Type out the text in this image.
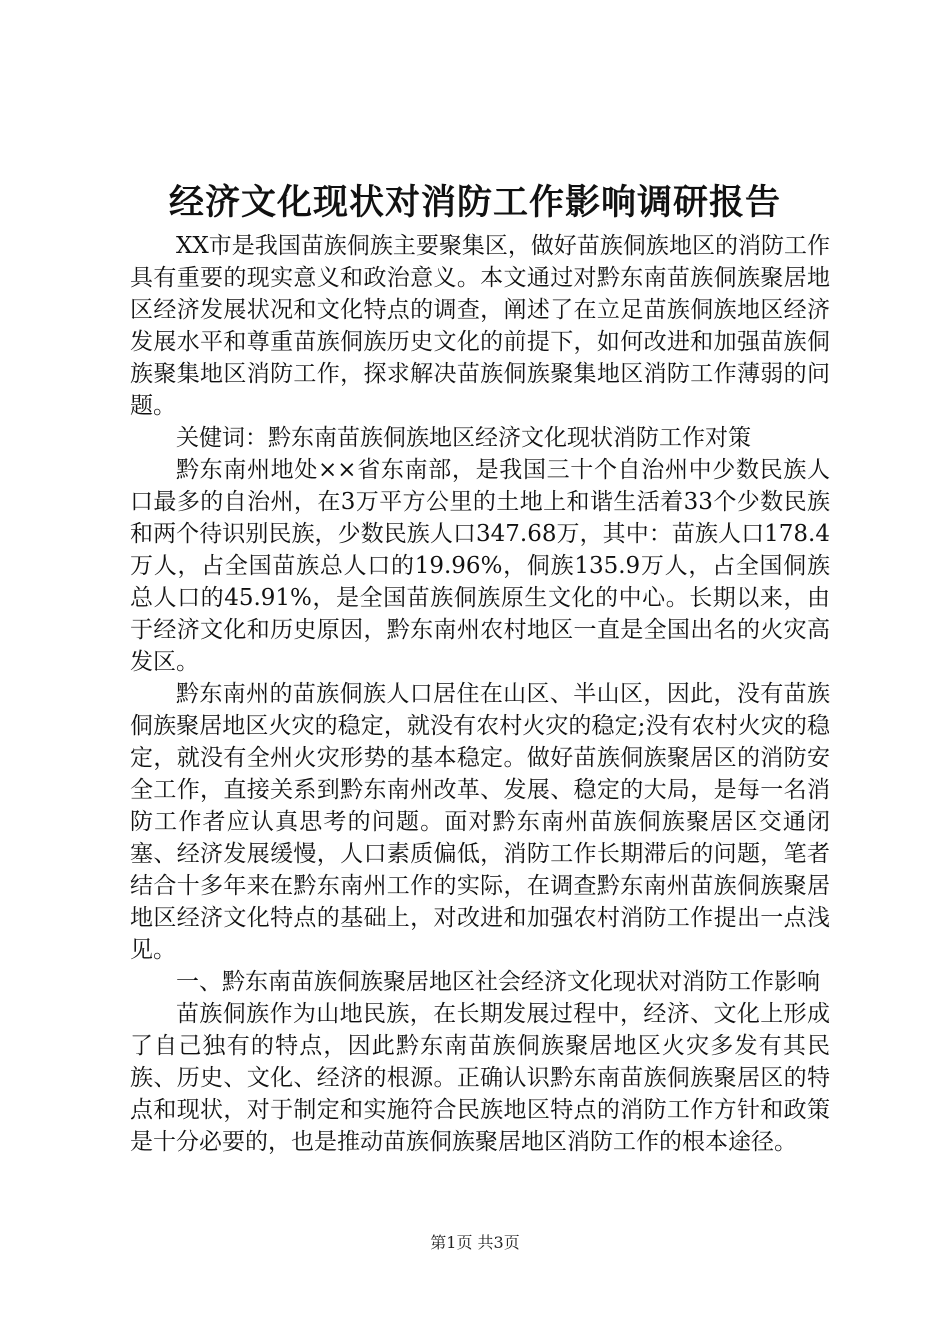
经济文化现状对消防工作影响调研报告

XX市是我国苗族侗族主要聚集区，做好苗族侗族地区的消防工作具有重要的现实意义和政治意义。本文通过对黔东南苗族侗族聚居地区经济发展状况和文化特点的调查，阐述了在立足苗族侗族地区经济发展水平和尊重苗族侗族历史文化的前提下，如何改进和加强苗族侗族聚集地区消防工作，探求解决苗族侗族聚集地区消防工作薄弱的问题。

关健词：黔东南苗族侗族地区经济文化现状消防工作对策

黔东南州地处××省东南部，是我国三十个自治州中少数民族人口最多的自治州，在3万平方公里的土地上和谐生活着33个少数民族和两个待识别民族，少数民族人口347.68万，其中：苗族人口178.4万人，占全国苗族总人口的19.96%，侗族135.9万人，占全国侗族总人口的45.91%，是全国苗族侗族原生文化的中心。长期以来，由于经济文化和历史原因，黔东南州农村地区一直是全国出名的火灾高发区。

黔东南州的苗族侗族人口居住在山区、半山区，因此，没有苗族侗族聚居地区火灾的稳定，就没有农村火灾的稳定;没有农村火灾的稳定，就没有全州火灾形势的基本稳定。做好苗族侗族聚居区的消防安全工作，直接关系到黔东南州改革、发展、稳定的大局，是每一名消防工作者应认真思考的问题。面对黔东南州苗族侗族聚居区交通闭塞、经济发展缓慢，人口素质偏低，消防工作长期滞后的问题，笔者结合十多年来在黔东南州工作的实际，在调查黔东南州苗族侗族聚居地区经济文化特点的基础上，对改进和加强农村消防工作提出一点浅见。

一、黔东南苗族侗族聚居地区社会经济文化现状对消防工作影响

苗族侗族作为山地民族，在长期发展过程中，经济、文化上形成了自己独有的特点，因此黔东南苗族侗族聚居地区火灾多发有其民族、历史、文化、经济的根源。正确认识黔东南苗族侗族聚居区的特点和现状，对于制定和实施符合民族地区特点的消防工作方针和政策是十分必要的，也是推动苗族侗族聚居地区消防工作的根本途径。

第1页 共3页
